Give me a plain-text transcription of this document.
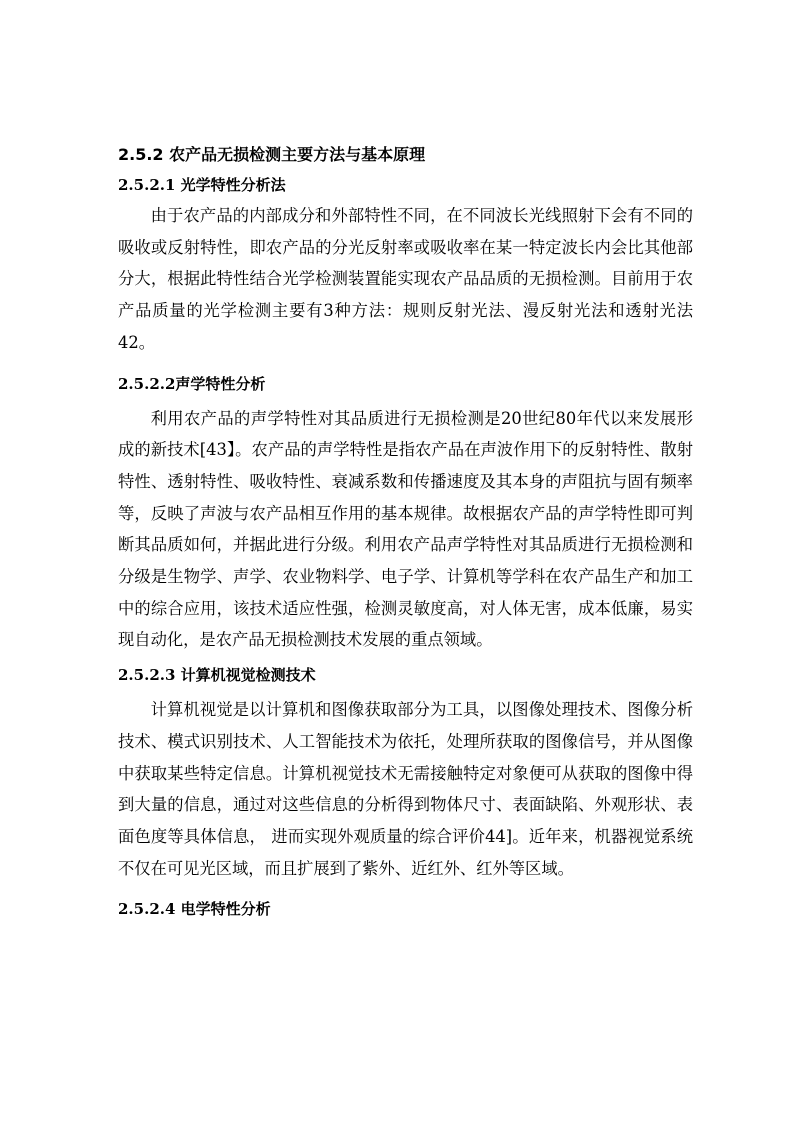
2.5.2 农产品无损检测主要方法与基本原理
2.5.2.1 光学特性分析法

由于农产品的内部成分和外部特性不同，在不同波长光线照射下会有不同的吸收或反射特性，即农产品的分光反射率或吸收率在某一特定波长内会比其他部分大，根据此特性结合光学检测装置能实现农产品品质的无损检测。目前用于农产品质量的光学检测主要有3种方法：规则反射光法、漫反射光法和透射光法42。

2.5.2.2声学特性分析

利用农产品的声学特性对其品质进行无损检测是20世纪80年代以来发展形成的新技术[43】。农产品的声学特性是指农产品在声波作用下的反射特性、散射特性、透射特性、吸收特性、衰减系数和传播速度及其本身的声阻抗与固有频率等，反映了声波与农产品相互作用的基本规律。故根据农产品的声学特性即可判断其品质如何，并据此进行分级。利用农产品声学特性对其品质进行无损检测和分级是生物学、声学、农业物料学、电子学、计算机等学科在农产品生产和加工中的综合应用，该技术适应性强，检测灵敏度高，对人体无害，成本低廉，易实现自动化，是农产品无损检测技术发展的重点领域。

2.5.2.3 计算机视觉检测技术

计算机视觉是以计算机和图像获取部分为工具，以图像处理技术、图像分析技术、模式识别技术、人工智能技术为依托，处理所获取的图像信号，并从图像中获取某些特定信息。计算机视觉技术无需接触特定对象便可从获取的图像中得到大量的信息，通过对这些信息的分析得到物体尺寸、表面缺陷、外观形状、表面色度等具体信息， 进而实现外观质量的综合评价44]。近年来，机器视觉系统不仅在可见光区域，而且扩展到了紫外、近红外、红外等区域。

2.5.2.4 电学特性分析
